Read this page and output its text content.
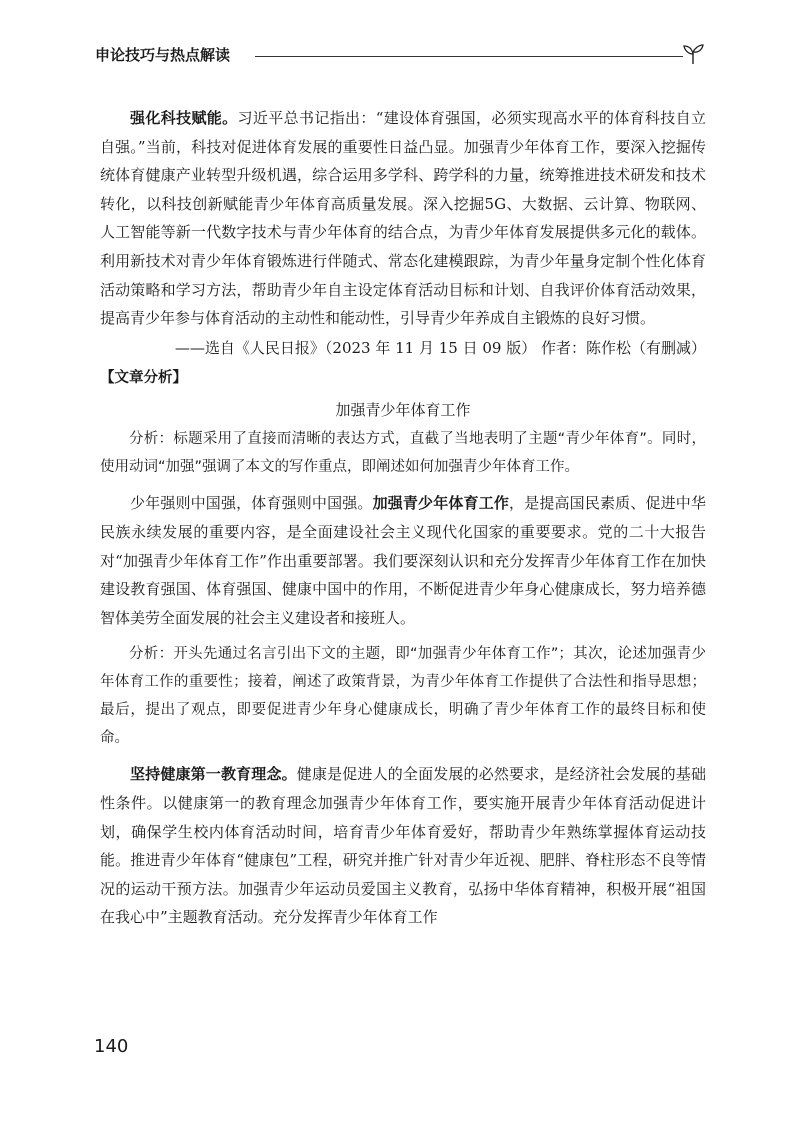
申论技巧与热点解读

强化科技赋能。习近平总书记指出：“建设体育强国，必须实现高水平的体育科技自立自强。”当前，科技对促进体育发展的重要性日益凸显。加强青少年体育工作，要深入挖掘传统体育健康产业转型升级机遇，综合运用多学科、跨学科的力量，统筹推进技术研发和技术转化，以科技创新赋能青少年体育高质量发展。深入挖掘5G、大数据、云计算、物联网、人工智能等新一代数字技术与青少年体育的结合点，为青少年体育发展提供多元化的载体。利用新技术对青少年体育锻炼进行伴随式、常态化建模跟踪，为青少年量身定制个性化体育活动策略和学习方法，帮助青少年自主设定体育活动目标和计划、自我评价体育活动效果，提高青少年参与体育活动的主动性和能动性，引导青少年养成自主锻炼的良好习惯。

——选自《人民日报》（2023 年 11 月 15 日 09 版） 作者：陈作松（有删减）

【文章分析】

加强青少年体育工作

分析：标题采用了直接而清晰的表达方式，直截了当地表明了主题“青少年体育”。同时，使用动词“加强”强调了本文的写作重点，即阐述如何加强青少年体育工作。

少年强则中国强，体育强则中国强。加强青少年体育工作，是提高国民素质、促进中华民族永续发展的重要内容，是全面建设社会主义现代化国家的重要要求。党的二十大报告对“加强青少年体育工作”作出重要部署。我们要深刻认识和充分发挥青少年体育工作在加快建设教育强国、体育强国、健康中国中的作用，不断促进青少年身心健康成长，努力培养德智体美劳全面发展的社会主义建设者和接班人。

分析：开头先通过名言引出下文的主题，即“加强青少年体育工作”；其次，论述加强青少年体育工作的重要性；接着，阐述了政策背景，为青少年体育工作提供了合法性和指导思想；最后，提出了观点，即要促进青少年身心健康成长，明确了青少年体育工作的最终目标和使命。

坚持健康第一教育理念。健康是促进人的全面发展的必然要求，是经济社会发展的基础性条件。以健康第一的教育理念加强青少年体育工作，要实施开展青少年体育活动促进计划，确保学生校内体育活动时间，培育青少年体育爱好，帮助青少年熟练掌握体育运动技能。推进青少年体育“健康包”工程，研究并推广针对青少年近视、肥胖、脊柱形态不良等情况的运动干预方法。加强青少年运动员爱国主义教育，弘扬中华体育精神，积极开展“祖国在我心中”主题教育活动。充分发挥青少年体育工作

140
